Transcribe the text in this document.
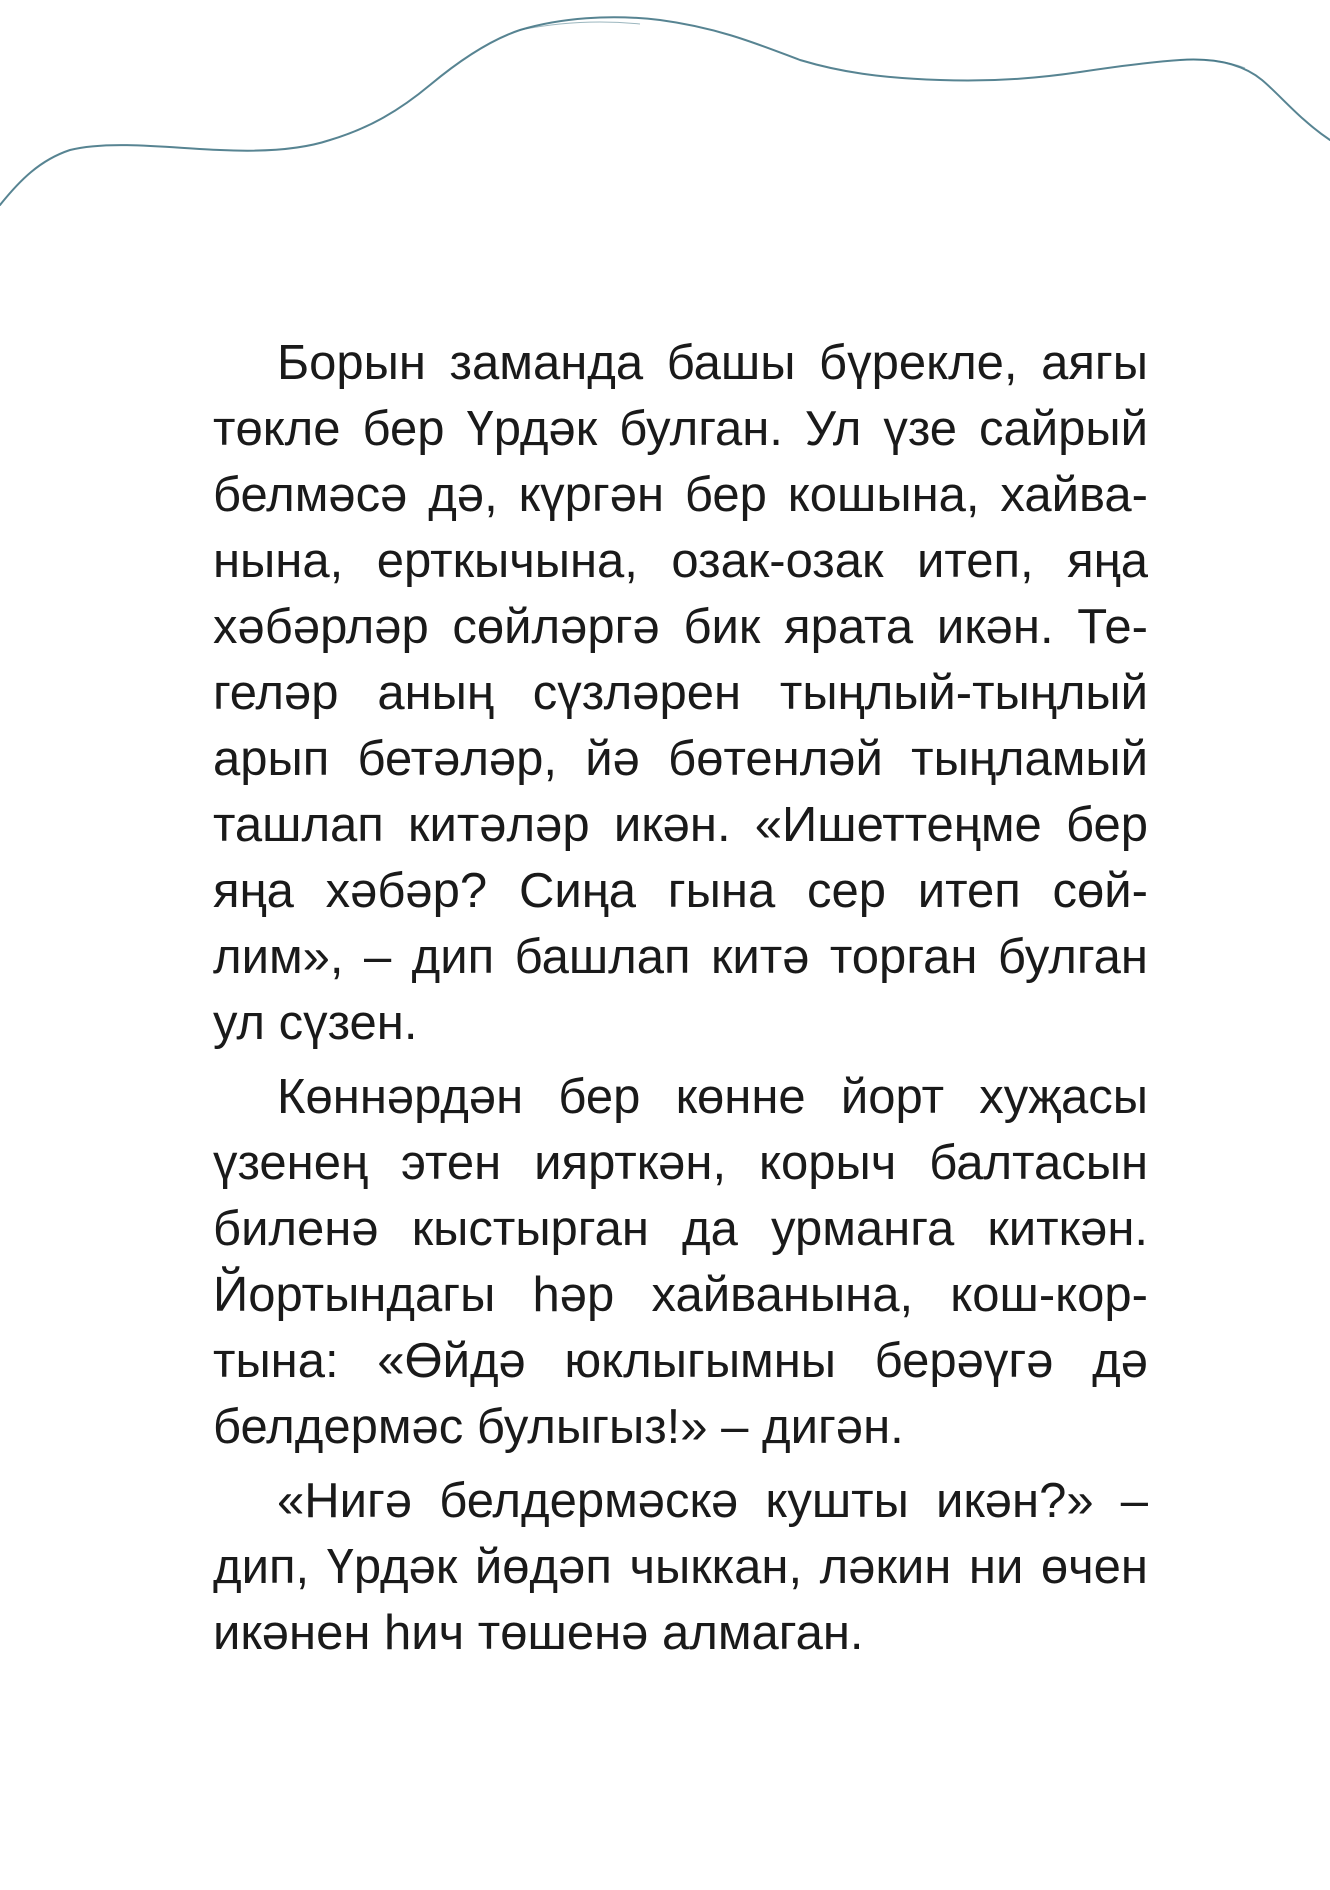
Борын заманда башы бүрекле, аягы
төкле бер Үрдәк булган. Ул үзе сайрый
белмәсә дә, күргән бер кошына, хайва-
нына, ерткычына, озак-озак итеп, яңа
хәбәрләр сөйләргә бик ярата икән. Те-
геләр аның сүзләрен тыңлый-тыңлый
арып бетәләр, йә бөтенләй тыңламый
ташлап китәләр икән. «Ишеттеңме бер
яңа хәбәр? Сиңа гына сер итеп сөй-
лим», – дип башлап китә торган булган
ул сүзен.
Көннәрдән бер көнне йорт хуҗасы
үзенең этен иярткән, корыч балтасын
биленә кыстырган да урманга киткән.
Йортындагы һәр хайванына, кош-кор-
тына: «Өйдә юклыгымны берәүгә дә
белдермәс булыгыз!» – дигән.
«Нигә белдермәскә кушты икән?» –
дип, Үрдәк йөдәп чыккан, ләкин ни өчен
икәнен һич төшенә алмаган.
